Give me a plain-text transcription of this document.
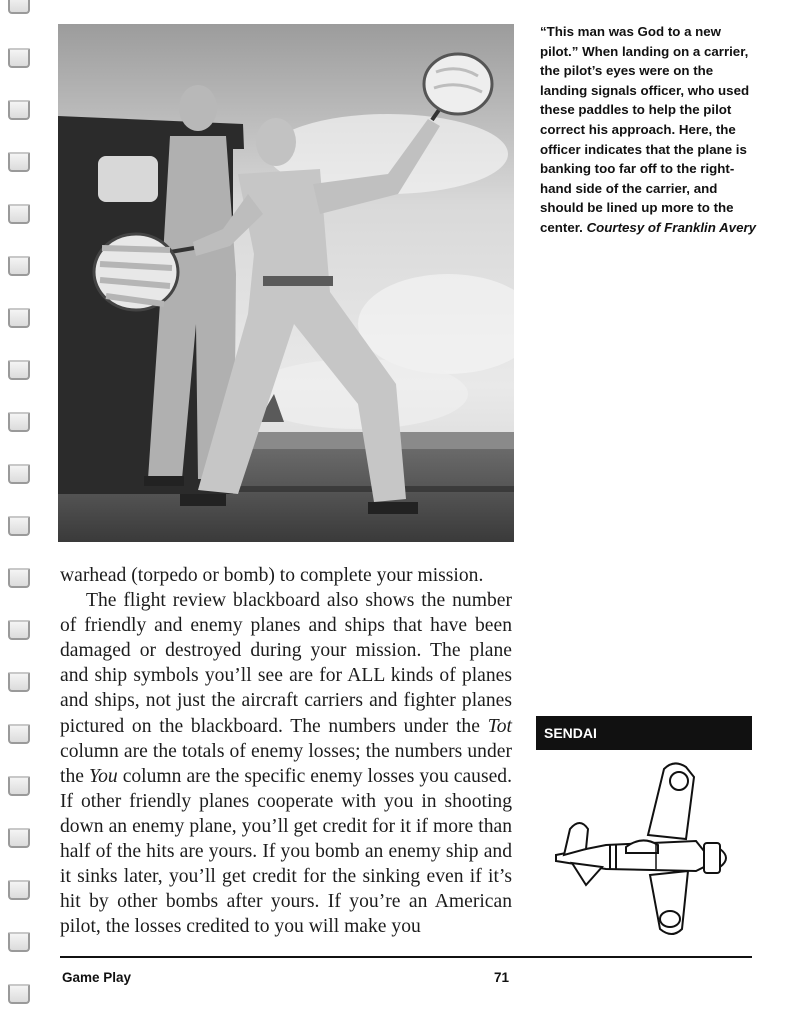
“This man was God to a new pilot.” When landing on a carrier, the pilot’s eyes were on the landing signals officer, who used these paddles to help the pilot correct his approach. Here, the officer indicates that the plane is banking too far off to the right-hand side of the carrier, and should be lined up more to the center. Courtesy of Franklin Avery

warhead (torpedo or bomb) to complete your mission.

The flight review blackboard also shows the number of friendly and enemy planes and ships that have been damaged or destroyed during your mission. The plane and ship symbols you’ll see are for ALL kinds of planes and ships, not just the aircraft carriers and fighter planes pictured on the blackboard. The numbers under the Tot column are the totals of enemy losses; the numbers under the You column are the specific enemy losses you caused. If other friendly planes cooperate with you in shooting down an enemy plane, you’ll get credit for it if more than half of the hits are yours. If you bomb an enemy ship and it sinks later, you’ll get credit for the sinking even if it’s hit by other bombs after yours. If you’re an American pilot, the losses credited to you will make you

SENDAI
Game Play	71
